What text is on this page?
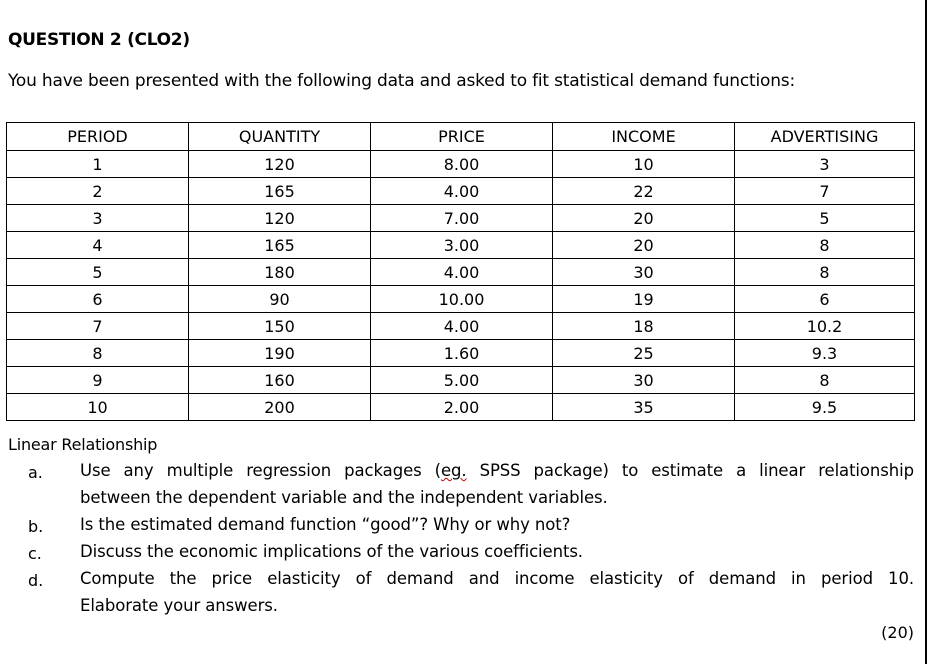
QUESTION 2 (CLO2)
You have been presented with the following data and asked to fit statistical demand functions:
PERIOD	QUANTITY	PRICE	INCOME	ADVERTISING
1	120	8.00	10	3
2	165	4.00	22	7
3	120	7.00	20	5
4	165	3.00	20	8
5	180	4.00	30	8
6	90	10.00	19	6
7	150	4.00	18	10.2
8	190	1.60	25	9.3
9	160	5.00	30	8
10	200	2.00	35	9.5
Linear Relationship
a. Use any multiple regression packages (eg. SPSS package) to estimate a linear relationship
between the dependent variable and the independent variables.
b. Is the estimated demand function “good”? Why or why not?
c. Discuss the economic implications of the various coefficients.
d. Compute the price elasticity of demand and income elasticity of demand in period 10.
Elaborate your answers.
(20)
